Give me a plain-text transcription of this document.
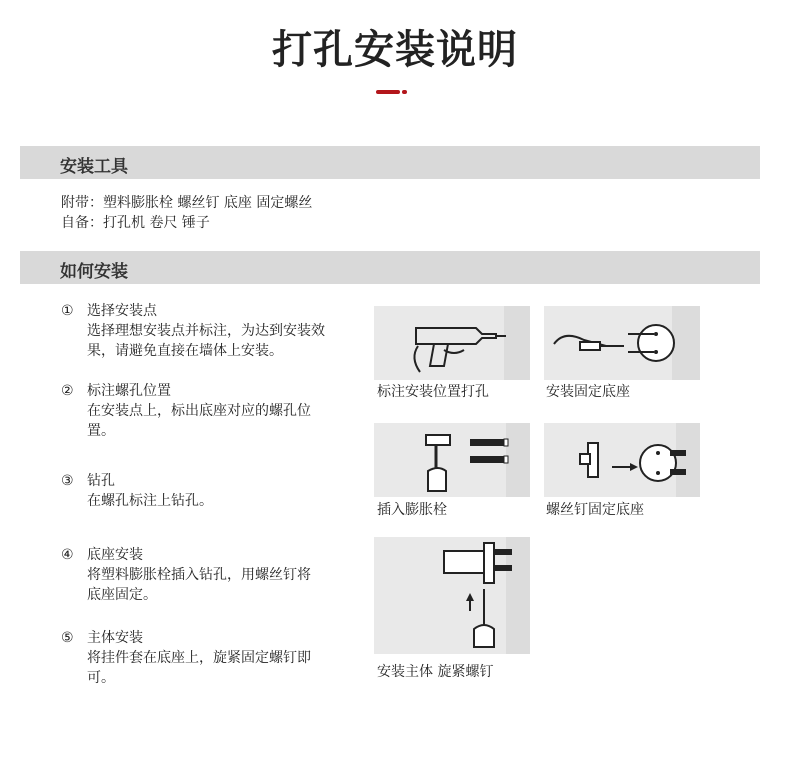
打孔安装说明
安装工具
附带：塑料膨胀栓 螺丝钉 底座 固定螺丝
自备：打孔机 卷尺 锤子
如何安装
① 选择安装点
选择理想安装点并标注，为达到安装效果，请避免直接在墙体上安装。
② 标注螺孔位置
在安装点上，标出底座对应的螺孔位置。
③ 钻孔
在螺孔标注上钻孔。
④ 底座安装
将塑料膨胀栓插入钻孔，用螺丝钉将底座固定。
⑤ 主体安装
将挂件套在底座上，旋紧固定螺钉即可。
标注安装位置打孔	安装固定底座
插入膨胀栓	螺丝钉固定底座
安装主体 旋紧螺钉
